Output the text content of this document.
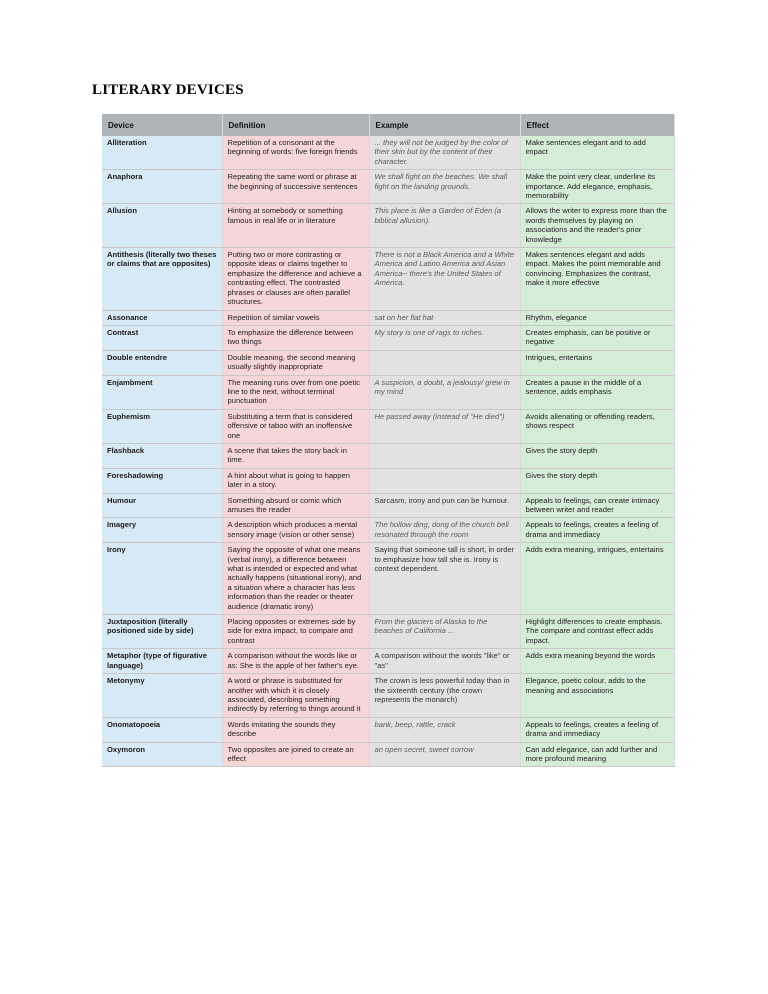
LITERARY DEVICES
Device	Definition	Example	Effect
Alliteration	Repetition of a consonant at the beginning of words: five foreign friends	... they will not be judged by the color of their skin but by the content of their character.	Make sentences elegant and to add impact
Anaphora	Repeating the same word or phrase at the beginning of successive sentences	We shall fight on the beaches. We shall fight on the landing grounds.	Make the point very clear, underline its importance. Add elegance, emphasis, memorability
Allusion	Hinting at somebody or something famous in real life or in literature	This place is like a Garden of Eden (a biblical allusion).	Allows the writer to express more than the words themselves by playing on associations and the reader's prior knowledge
Antithesis (literally two theses or claims that are opposites)	Putting two or more contrasting or opposite ideas or claims together to emphasize the difference and achieve a contrasting effect. The contrasted phrases or clauses are often parallel structures.	There is not a Black America and a White America and Latino America and Asian America-- there's the United States of America.	Makes sentences elegant and adds impact. Makes the point memorable and convincing. Emphasizes the contrast, make it more effective
Assonance	Repetition of similar vowels	sat on her flat hat	Rhythm, elegance
Contrast	To emphasize the difference between two things	My story is one of rags to riches.	Creates emphasis, can be positive or negative
Double entendre	Double meaning, the second meaning usually slightly inappropriate		Intrigues, entertains
Enjambment	The meaning runs over from one poetic line to the next, without terminal punctuation	A suspicion, a doubt, a jealousy/ grew in my mind	Creates a pause in the middle of a sentence, adds emphasis
Euphemism	Substituting a term that is considered offensive or taboo with an inoffensive one	He passed away (instead of "He died")	Avoids alienating or offending readers, shows respect
Flashback	A scene that takes the story back in time.		Gives the story depth
Foreshadowing	A hint about what is going to happen later in a story.		Gives the story depth
Humour	Something absurd or comic which amuses the reader	Sarcasm, irony and pun can be humour.	Appeals to feelings, can create intimacy between writer and reader
Imagery	A description which produces a mental sensory image (vision or other sense)	The hollow ding, dong of the church bell resonated through the room	Appeals to feelings, creates a feeling of drama and immediacy
Irony	Saying the opposite of what one means (verbal irony), a difference between what is intended or expected and what actually happens (situational irony), and a situation where a character has less information than the reader or theater audience (dramatic irony)	Saying that someone tall is short, in order to emphasize how tall she is. Irony is context dependent.	Adds extra meaning, intrigues, entertains
Juxtaposition (literally positioned side by side)	Placing opposites or extremes side by side for extra impact, to compare and contrast	From the glaciers of Alaska to the beaches of California ...	Highlight differences to create emphasis. The compare and contrast effect adds impact.
Metaphor (type of figurative language)	A comparison without the words like or as: She is the apple of her father's eye.	A comparison without the words "like" or "as"	Adds extra meaning beyond the words
Metonymy	A word or phrase is substituted for another with which it is closely associated, describing something indirectly by referring to things around it	The crown is less powerful today than in the sixteenth century (the crown represents the monarch)	Elegance, poetic colour, adds to the meaning and associations
Onomatopoeia	Words imitating the sounds they describe	bank, beep, rattle, crack	Appeals to feelings, creates a feeling of drama and immediacy
Oxymoron	Two opposites are joined to create an effect	an open secret, sweet sorrow	Can add elegance, can add further and more profound meaning
